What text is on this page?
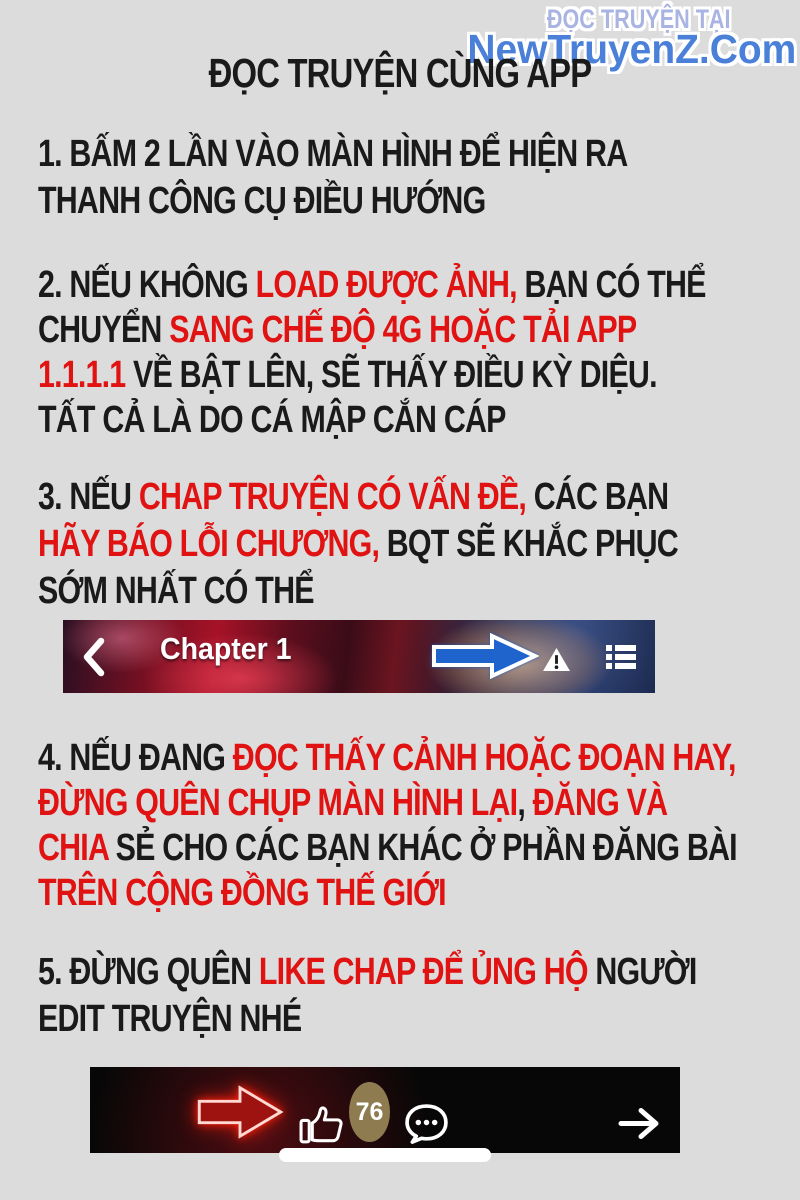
ĐỌC TRUYỆN TẠI
NewTruyenZ.Com
ĐỌC TRUYỆN CÙNG APP
1. BẤM 2 LẦN VÀO MÀN HÌNH ĐỂ HIỆN RA
THANH CÔNG CỤ ĐIỀU HƯỚNG
2. NẾU KHÔNG LOAD ĐƯỢC ẢNH, BẠN CÓ THỂ
CHUYỂN SANG CHẾ ĐỘ 4G HOẶC TẢI APP
1.1.1.1 VỀ BẬT LÊN, SẼ THẤY ĐIỀU KỲ DIỆU.
TẤT CẢ LÀ DO CÁ MẬP CẮN CÁP
3. NẾU CHAP TRUYỆN CÓ VẤN ĐỀ, CÁC BẠN
HÃY BÁO LỖI CHƯƠNG, BQT SẼ KHẮC PHỤC
SỚM NHẤT CÓ THỂ
4. NẾU ĐANG ĐỌC THẤY CẢNH HOẶC ĐOẠN HAY,
ĐỪNG QUÊN CHỤP MÀN HÌNH LẠI, ĐĂNG VÀ
CHIA SẺ CHO CÁC BẠN KHÁC Ở PHẦN ĐĂNG BÀI
TRÊN CỘNG ĐỒNG THẾ GIỚI
5. ĐỪNG QUÊN LIKE CHAP ĐỂ ỦNG HỘ NGƯỜI
EDIT TRUYỆN NHÉ
Chapter 1
76
